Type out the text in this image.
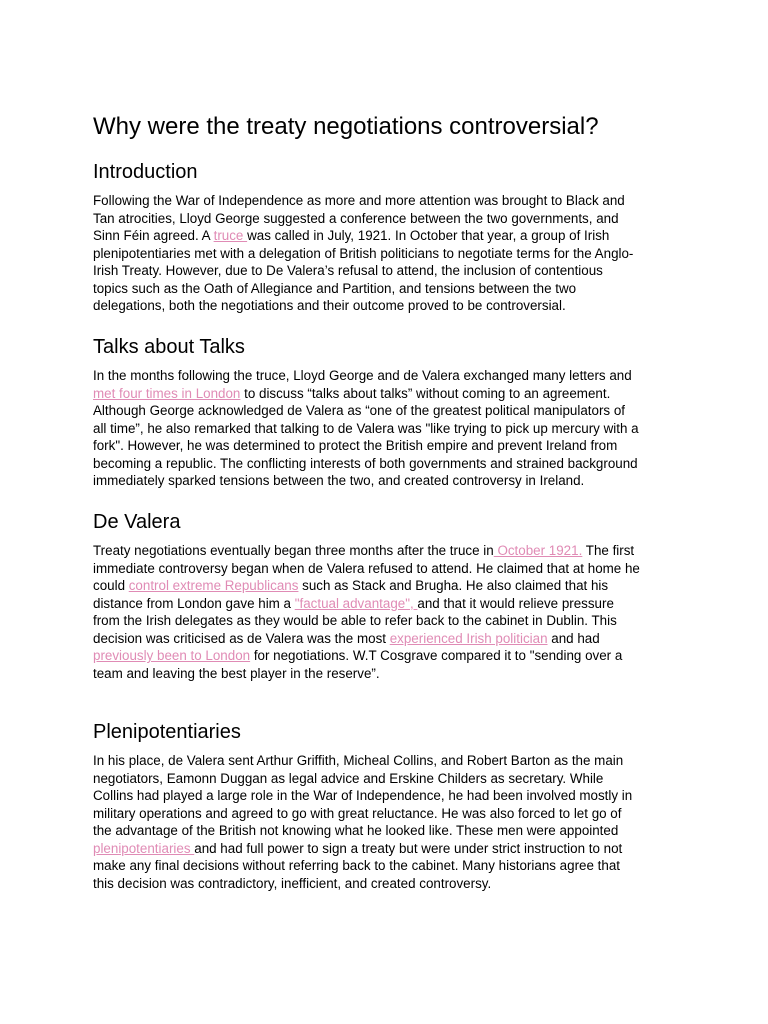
Why were the treaty negotiations controversial?
Introduction
Following the War of Independence as more and more attention was brought to Black and
Tan atrocities, Lloyd George suggested a conference between the two governments, and
Sinn Féin agreed. A truce was called in July, 1921. In October that year, a group of Irish
plenipotentiaries met with a delegation of British politicians to negotiate terms for the Anglo-
Irish Treaty. However, due to De Valera’s refusal to attend, the inclusion of contentious
topics such as the Oath of Allegiance and Partition, and tensions between the two
delegations, both the negotiations and their outcome proved to be controversial.
Talks about Talks
In the months following the truce, Lloyd George and de Valera exchanged many letters and
met four times in London to discuss “talks about talks” without coming to an agreement.
Although George acknowledged de Valera as “one of the greatest political manipulators of
all time”, he also remarked that talking to de Valera was "like trying to pick up mercury with a
fork". However, he was determined to protect the British empire and prevent Ireland from
becoming a republic. The conflicting interests of both governments and strained background
immediately sparked tensions between the two, and created controversy in Ireland.
De Valera
Treaty negotiations eventually began three months after the truce in October 1921. The first
immediate controversy began when de Valera refused to attend. He claimed that at home he
could control extreme Republicans such as Stack and Brugha. He also claimed that his
distance from London gave him a "factual advantage", and that it would relieve pressure
from the Irish delegates as they would be able to refer back to the cabinet in Dublin. This
decision was criticised as de Valera was the most experienced Irish politician and had
previously been to London for negotiations. W.T Cosgrave compared it to "sending over a
team and leaving the best player in the reserve”.
Plenipotentiaries
In his place, de Valera sent Arthur Griffith, Micheal Collins, and Robert Barton as the main
negotiators, Eamonn Duggan as legal advice and Erskine Childers as secretary. While
Collins had played a large role in the War of Independence, he had been involved mostly in
military operations and agreed to go with great reluctance. He was also forced to let go of
the advantage of the British not knowing what he looked like. These men were appointed
plenipotentiaries and had full power to sign a treaty but were under strict instruction to not
make any final decisions without referring back to the cabinet. Many historians agree that
this decision was contradictory, inefficient, and created controversy.
